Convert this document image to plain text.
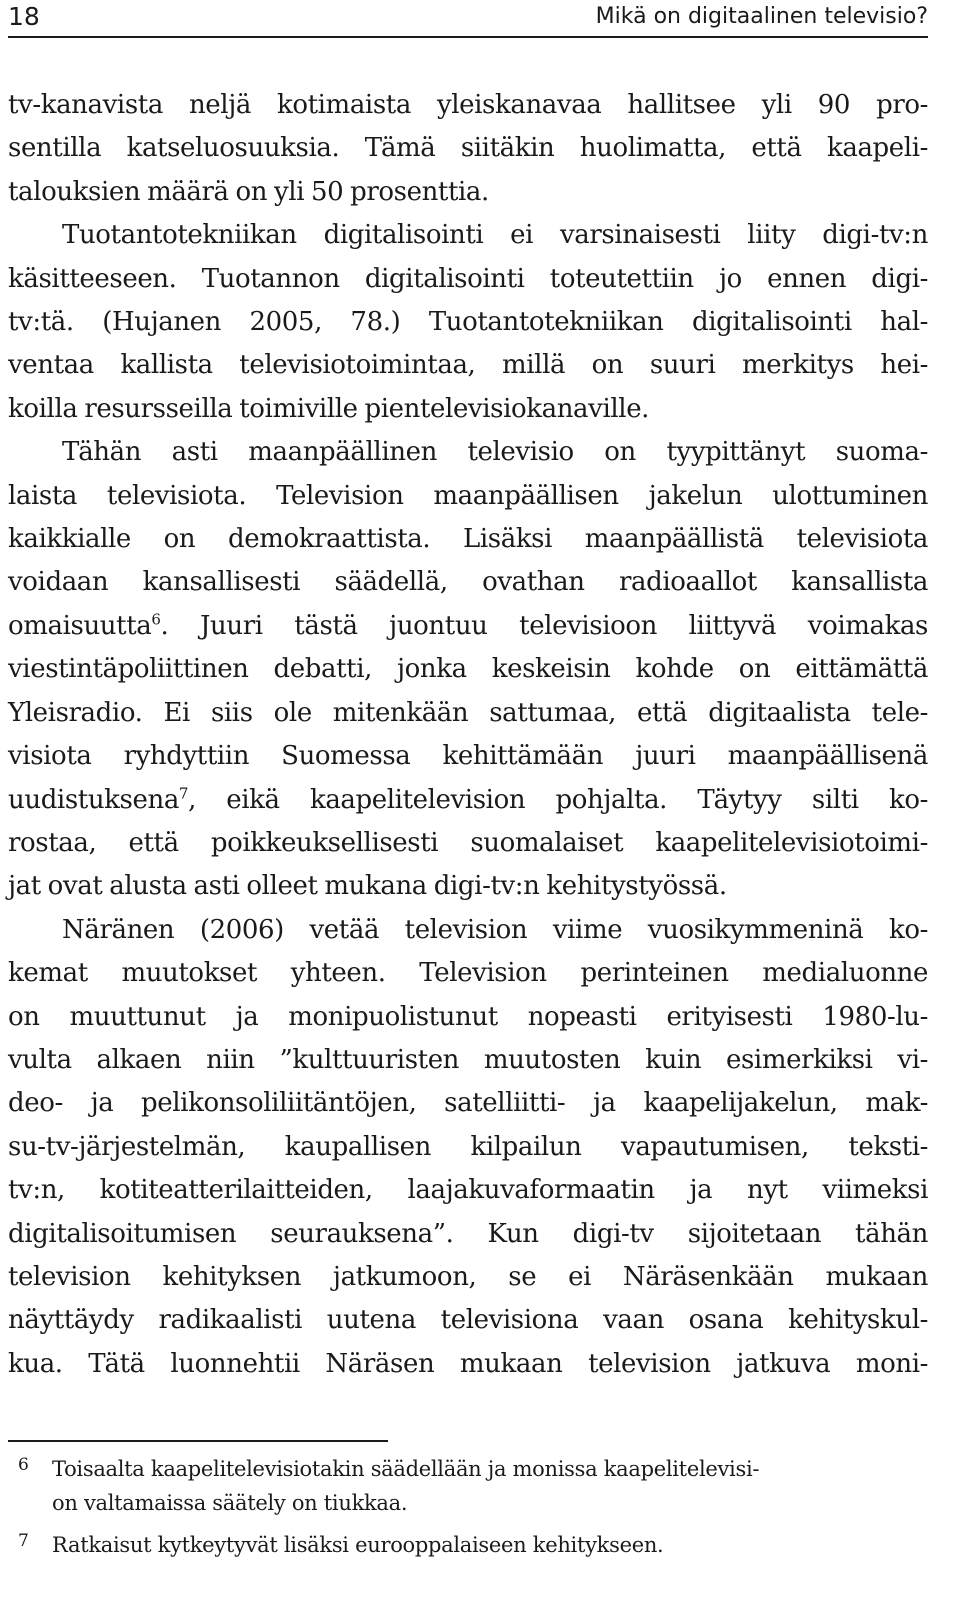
18	Mikä on digitaalinen televisio?
tv-kanavista neljä kotimaista yleiskanavaa hallitsee yli 90 pro-
sentilla katseluosuuksia. Tämä siitäkin huolimatta, että kaapeli-
talouksien määrä on yli 50 prosenttia.
Tuotantotekniikan digitalisointi ei varsinaisesti liity digi-tv:n
käsitteeseen. Tuotannon digitalisointi toteutettiin jo ennen digi-
tv:tä. (Hujanen 2005, 78.) Tuotantotekniikan digitalisointi hal-
ventaa kallista televisiotoimintaa, millä on suuri merkitys hei-
koilla resursseilla toimiville pientelevisiokanaville.
Tähän asti maanpäällinen televisio on tyypittänyt suoma-
laista televisiota. Television maanpäällisen jakelun ulottuminen
kaikkialle on demokraattista. Lisäksi maanpäällistä televisiota
voidaan kansallisesti säädellä, ovathan radioaallot kansallista
omaisuutta$^6$. Juuri tästä juontuu televisioon liittyvä voimakas
viestintäpoliittinen debatti, jonka keskeisin kohde on eittämättä
Yleisradio. Ei siis ole mitenkään sattumaa, että digitaalista tele-
visiota ryhdyttiin Suomessa kehittämään juuri maanpäällisenä
uudistuksena$^7$, eikä kaapelitelevision pohjalta. Täytyy silti ko-
rostaa, että poikkeuksellisesti suomalaiset kaapelitelevisiotoimi-
jat ovat alusta asti olleet mukana digi-tv:n kehitystyössä.
Näränen (2006) vetää television viime vuosikymmeninä ko-
kemat muutokset yhteen. Television perinteinen medialuonne
on muuttunut ja monipuolistunut nopeasti erityisesti 1980-lu-
vulta alkaen niin ”kulttuuristen muutosten kuin esimerkiksi vi-
deo- ja pelikonsoliliitäntöjen, satelliitti- ja kaapelijakelun, mak-
su-tv-järjestelmän, kaupallisen kilpailun vapautumisen, teksti-
tv:n, kotiteatterilaitteiden, laajakuvaformaatin ja nyt viimeksi
digitalisoitumisen seurauksena”. Kun digi-tv sijoitetaan tähän
television kehityksen jatkumoon, se ei Näräsenkään mukaan
näyttäydy radikaalisti uutena televisiona vaan osana kehityskul-
kua. Tätä luonnehtii Näräsen mukaan television jatkuva moni-
6 Toisaalta kaapelitelevisiotakin säädellään ja monissa kaapelitelevisi-
on valtamaissa säätely on tiukkaa.
7 Ratkaisut kytkeytyvät lisäksi eurooppalaiseen kehitykseen.
